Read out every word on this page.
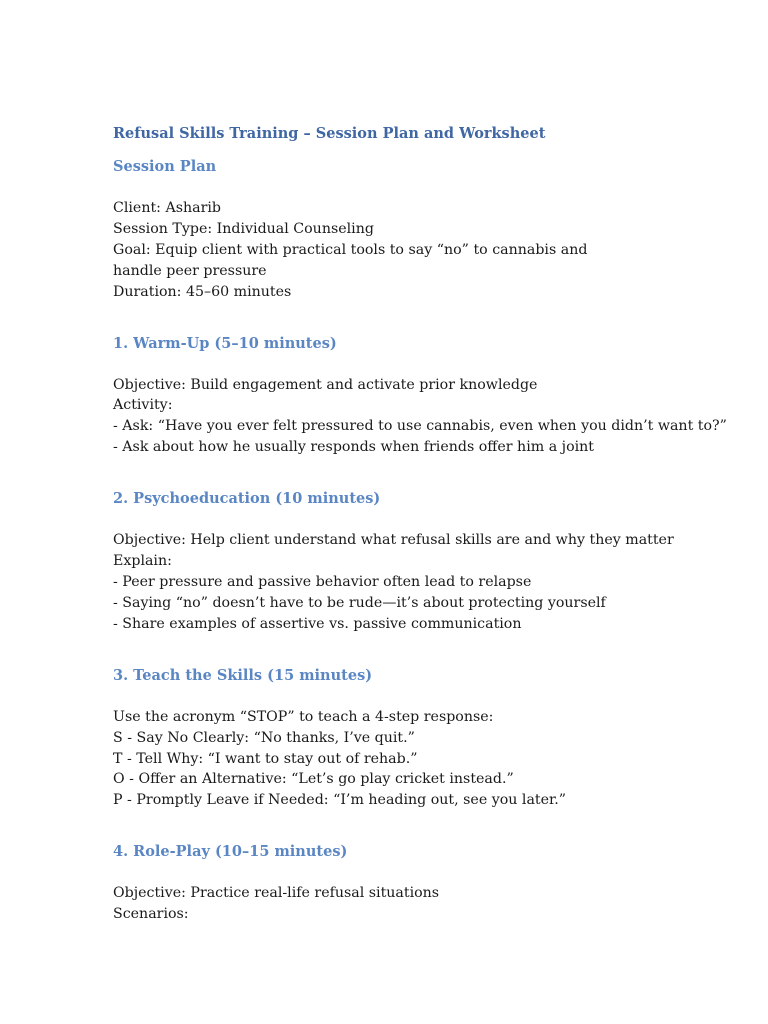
Refusal Skills Training – Session Plan and Worksheet
Session Plan
Client: Asharib
Session Type: Individual Counseling
Goal: Equip client with practical tools to say “no” to cannabis and handle peer pressure
Duration: 45–60 minutes
1. Warm-Up (5–10 minutes)
Objective: Build engagement and activate prior knowledge
Activity:
- Ask: “Have you ever felt pressured to use cannabis, even when you didn’t want to?”
- Ask about how he usually responds when friends offer him a joint
2. Psychoeducation (10 minutes)
Objective: Help client understand what refusal skills are and why they matter
Explain:
- Peer pressure and passive behavior often lead to relapse
- Saying “no” doesn’t have to be rude—it’s about protecting yourself
- Share examples of assertive vs. passive communication
3. Teach the Skills (15 minutes)
Use the acronym “STOP” to teach a 4-step response:
S - Say No Clearly: “No thanks, I’ve quit.”
T - Tell Why: “I want to stay out of rehab.”
O - Offer an Alternative: “Let’s go play cricket instead.”
P - Promptly Leave if Needed: “I’m heading out, see you later.”
4. Role-Play (10–15 minutes)
Objective: Practice real-life refusal situations
Scenarios:
